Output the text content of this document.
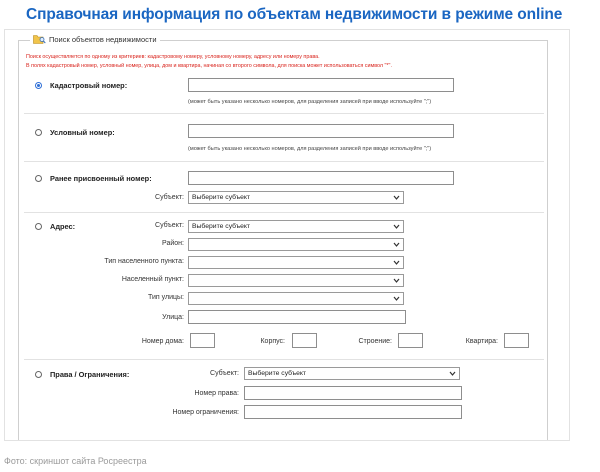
Справочная информация по объектам недвижимости в режиме online
Поиск объектов недвижимости
Поиск осуществляется по одному из критериев: кадастровому номеру, условному номеру, адресу или номеру права.
В полях кадастровый номер, условный номер, улица, дом и квартира, начиная со второго символа, для поиска может использоваться символ "*".
Кадастровый номер:
(может быть указано несколько номеров, для разделения записей при вводе используйте ";")
Условный номер:
(может быть указано несколько номеров, для разделения записей при вводе используйте ";")
Ранее присвоенный номер:
Субъект:	Выберите субъект
Адрес:	Субъект:	Выберите субъект
Район:
Тип населенного пункта:
Населенный пункт:
Тип улицы:
Улица:
Номер дома:	Корпус:	Строение:	Квартира:
Права / Ограничения:	Субъект:	Выберите субъект
Номер права:
Номер ограничения:
Фото: скриншот сайта Росреестра
